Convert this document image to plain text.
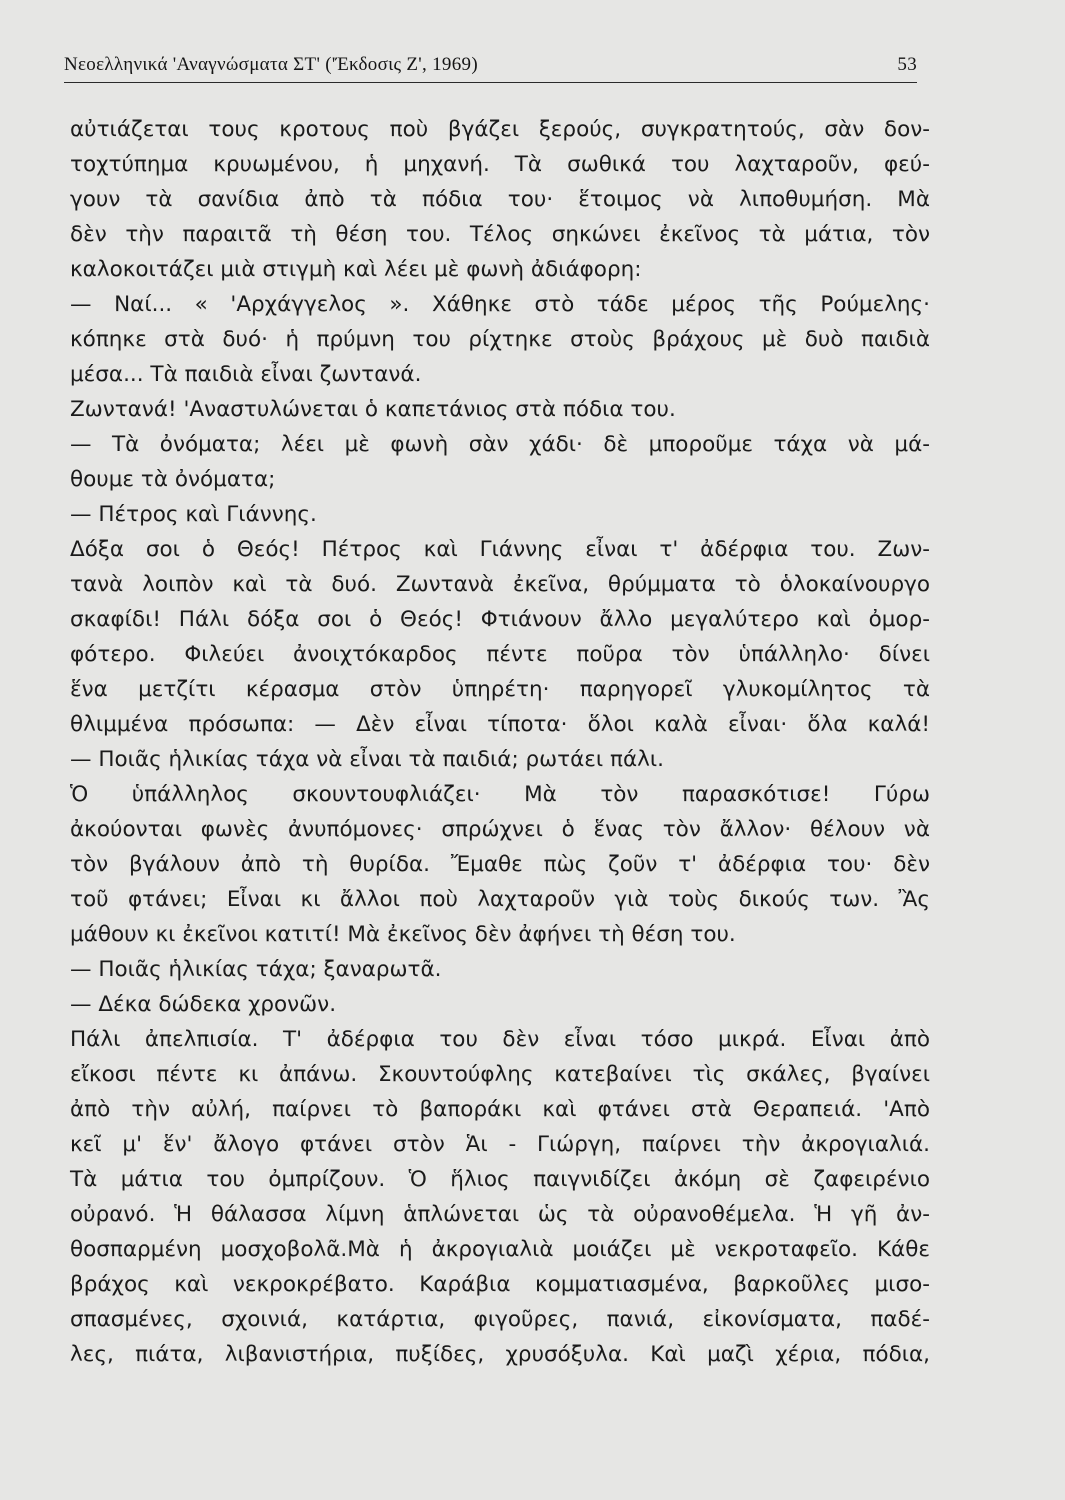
Νεοελληνικά 'Αναγνώσματα ΣΤ' ('Έκδοσις Ζ', 1969)	53
αὐτιάζεται τους κροτους ποὺ βγάζει ξερούς, συγκρατητούς, σὰν δον-
τοχτύπημα κρυωμένου, ἡ μηχανή. Τὰ σωθικά του λαχταροῦν, φεύ-
γουν τὰ σανίδια ἀπὸ τὰ πόδια του· ἕτοιμος νὰ λιποθυμήση. Μὰ
δὲν τὴν παραιτᾶ τὴ θέση του. Τέλος σηκώνει ἐκεῖνος τὰ μάτια, τὸν
καλοκοιτάζει μιὰ στιγμὴ καὶ λέει μὲ φωνὴ ἀδιάφορη:
— Ναί... « 'Αρχάγγελος ». Χάθηκε στὸ τάδε μέρος τῆς Ρούμελης·
κόπηκε στὰ δυό· ἡ πρύμνη του ρίχτηκε στοὺς βράχους μὲ δυὸ παιδιὰ
μέσα... Τὰ παιδιὰ εἶναι ζωντανά.
Ζωντανά! 'Αναστυλώνεται ὁ καπετάνιος στὰ πόδια του.
— Τὰ ὀνόματα; λέει μὲ φωνὴ σὰν χάδι· δὲ μποροῦμε τάχα νὰ μά-
θουμε τὰ ὀνόματα;
— Πέτρος καὶ Γιάννης.
Δόξα σοι ὁ Θεός! Πέτρος καὶ Γιάννης εἶναι τ' ἀδέρφια του. Ζων-
τανὰ λοιπὸν καὶ τὰ δυό. Ζωντανὰ ἐκεῖνα, θρύμματα τὸ ὁλοκαίνουργο
σκαφίδι! Πάλι δόξα σοι ὁ Θεός! Φτιάνουν ἄλλο μεγαλύτερο καὶ ὀμορ-
φότερο. Φιλεύει ἀνοιχτόκαρδος πέντε ποῦρα τὸν ὑπάλληλο· δίνει
ἕνα μετζίτι κέρασμα στὸν ὑπηρέτη· παρηγορεῖ γλυκομίλητος τὰ
θλιμμένα πρόσωπα: — Δὲν εἶναι τίποτα· ὅλοι καλὰ εἶναι· ὅλα καλά!
— Ποιᾶς ἡλικίας τάχα νὰ εἶναι τὰ παιδιά; ρωτάει πάλι.
Ὁ ὑπάλληλος σκουντουφλιάζει· Μὰ τὸν παρασκότισε! Γύρω
ἀκούονται φωνὲς ἀνυπόμονες· σπρώχνει ὁ ἕνας τὸν ἄλλον· θέλουν νὰ
τὸν βγάλουν ἀπὸ τὴ θυρίδα. Ἔμαθε πὼς ζοῦν τ' ἀδέρφια του· δὲν
τοῦ φτάνει; Εἶναι κι ἄλλοι ποὺ λαχταροῦν γιὰ τοὺς δικούς των. Ἂς
μάθουν κι ἐκεῖνοι κατιτί! Μὰ ἐκεῖνος δὲν ἀφήνει τὴ θέση του.
— Ποιᾶς ἡλικίας τάχα; ξαναρωτᾶ.
— Δέκα δώδεκα χρονῶν.
Πάλι ἀπελπισία. Τ' ἀδέρφια του δὲν εἶναι τόσο μικρά. Εἶναι ἀπὸ
εἴκοσι πέντε κι ἀπάνω. Σκουντούφλης κατεβαίνει τὶς σκάλες, βγαίνει
ἀπὸ τὴν αὐλή, παίρνει τὸ βαποράκι καὶ φτάνει στὰ Θεραπειά. 'Απὸ
κεῖ μ' ἕν' ἄλογο φτάνει στὸν Ἁι - Γιώργη, παίρνει τὴν ἀκρογιαλιά.
Τὰ μάτια του ὀμπρίζουν. Ὁ ἥλιος παιγνιδίζει ἀκόμη σὲ ζαφειρένιο
οὐρανό. Ἡ θάλασσα λίμνη ἁπλώνεται ὡς τὰ οὐρανοθέμελα. Ἡ γῆ ἀν-
θοσπαρμένη μοσχοβολᾶ.Μὰ ἡ ἀκρογιαλιὰ μοιάζει μὲ νεκροταφεῖο. Κάθε
βράχος καὶ νεκροκρέβατο. Καράβια κομματιασμένα, βαρκοῦλες μισο-
σπασμένες, σχοινιά, κατάρτια, φιγοῦρες, πανιά, εἰκονίσματα, παδέ-
λες, πιάτα, λιβανιστήρια, πυξίδες, χρυσόξυλα. Καὶ μαζὶ χέρια, πόδια,
